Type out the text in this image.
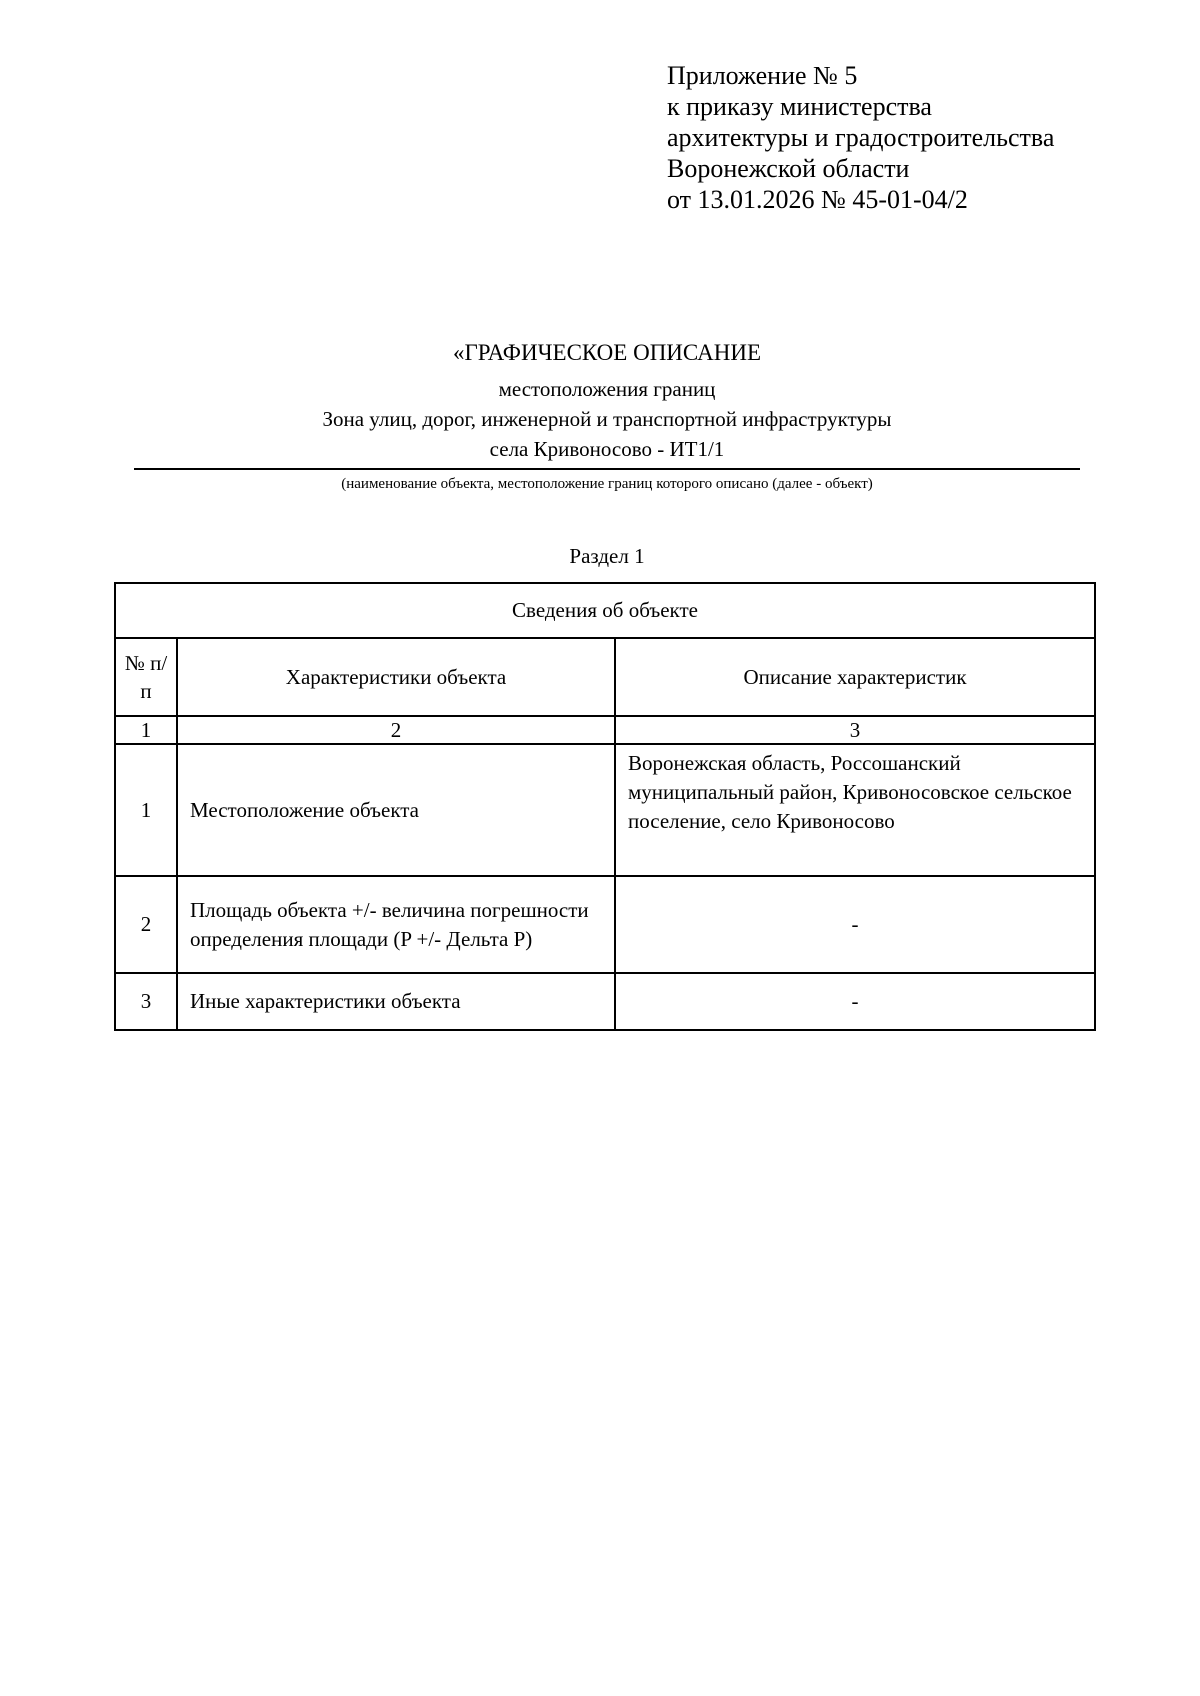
Приложение № 5
к приказу министерства
архитектуры и градостроительства
Воронежской области
от 13.01.2026 № 45-01-04/2
«ГРАФИЧЕСКОЕ ОПИСАНИЕ
местоположения границ
Зона улиц, дорог, инженерной и транспортной инфраструктуры
села Кривоносово - ИТ1/1
(наименование объекта, местоположение границ которого описано (далее - объект)
Раздел 1
Сведения об объекте		
№ п/п	Характеристики объекта	Описание характеристик
1	2	3
1	Местоположение объекта	Воронежская область, Россошанский муниципальный район, Кривоносовское сельское поселение, село Кривоносово
2	Площадь объекта +/- величина погрешности определения площади (P +/- Дельта P)	-
3	Иные характеристики объекта	-
